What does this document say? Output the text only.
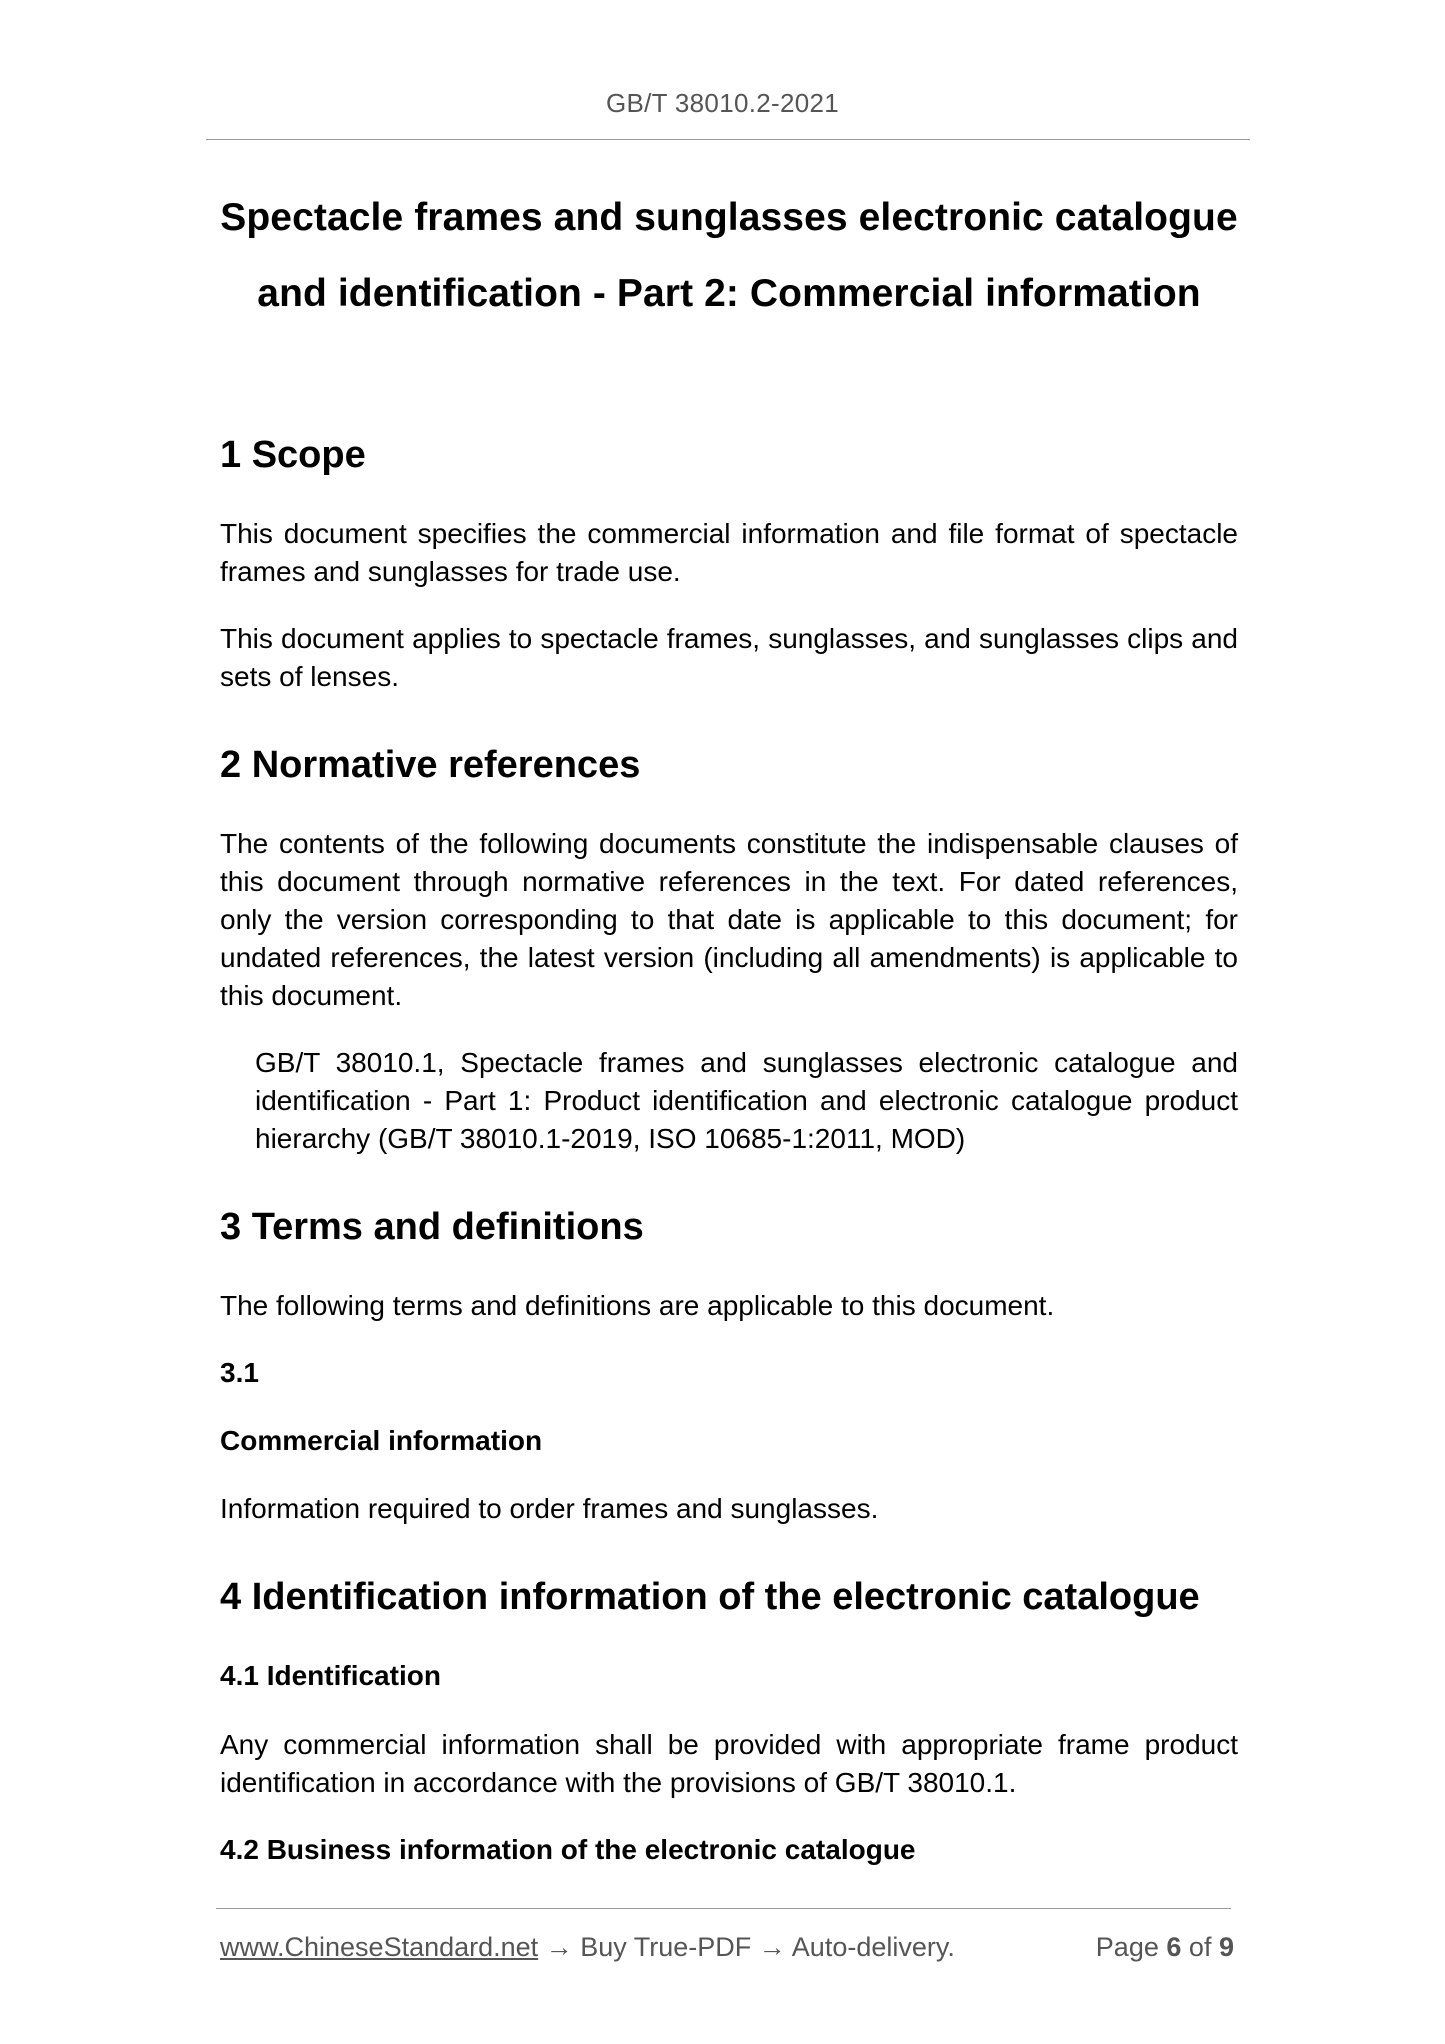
GB/T 38010.2-2021
Spectacle frames and sunglasses electronic catalogue
and identification - Part 2: Commercial information
1 Scope

This document specifies the commercial information and file format of spectacle frames and sunglasses for trade use.

This document applies to spectacle frames, sunglasses, and sunglasses clips and sets of lenses.

2 Normative references

The contents of the following documents constitute the indispensable clauses of this document through normative references in the text. For dated references, only the version corresponding to that date is applicable to this document; for undated references, the latest version (including all amendments) is applicable to this document.

GB/T 38010.1, Spectacle frames and sunglasses electronic catalogue and identification - Part 1: Product identification and electronic catalogue product hierarchy (GB/T 38010.1-2019, ISO 10685-1:2011, MOD)

3 Terms and definitions

The following terms and definitions are applicable to this document.

3.1
Commercial information

Information required to order frames and sunglasses.

4 Identification information of the electronic catalogue
4.1 Identification

Any commercial information shall be provided with appropriate frame product identification in accordance with the provisions of GB/T 38010.1.

4.2 Business information of the electronic catalogue
www.ChineseStandard.net → Buy True-PDF → Auto-delivery.	Page 6 of 9
